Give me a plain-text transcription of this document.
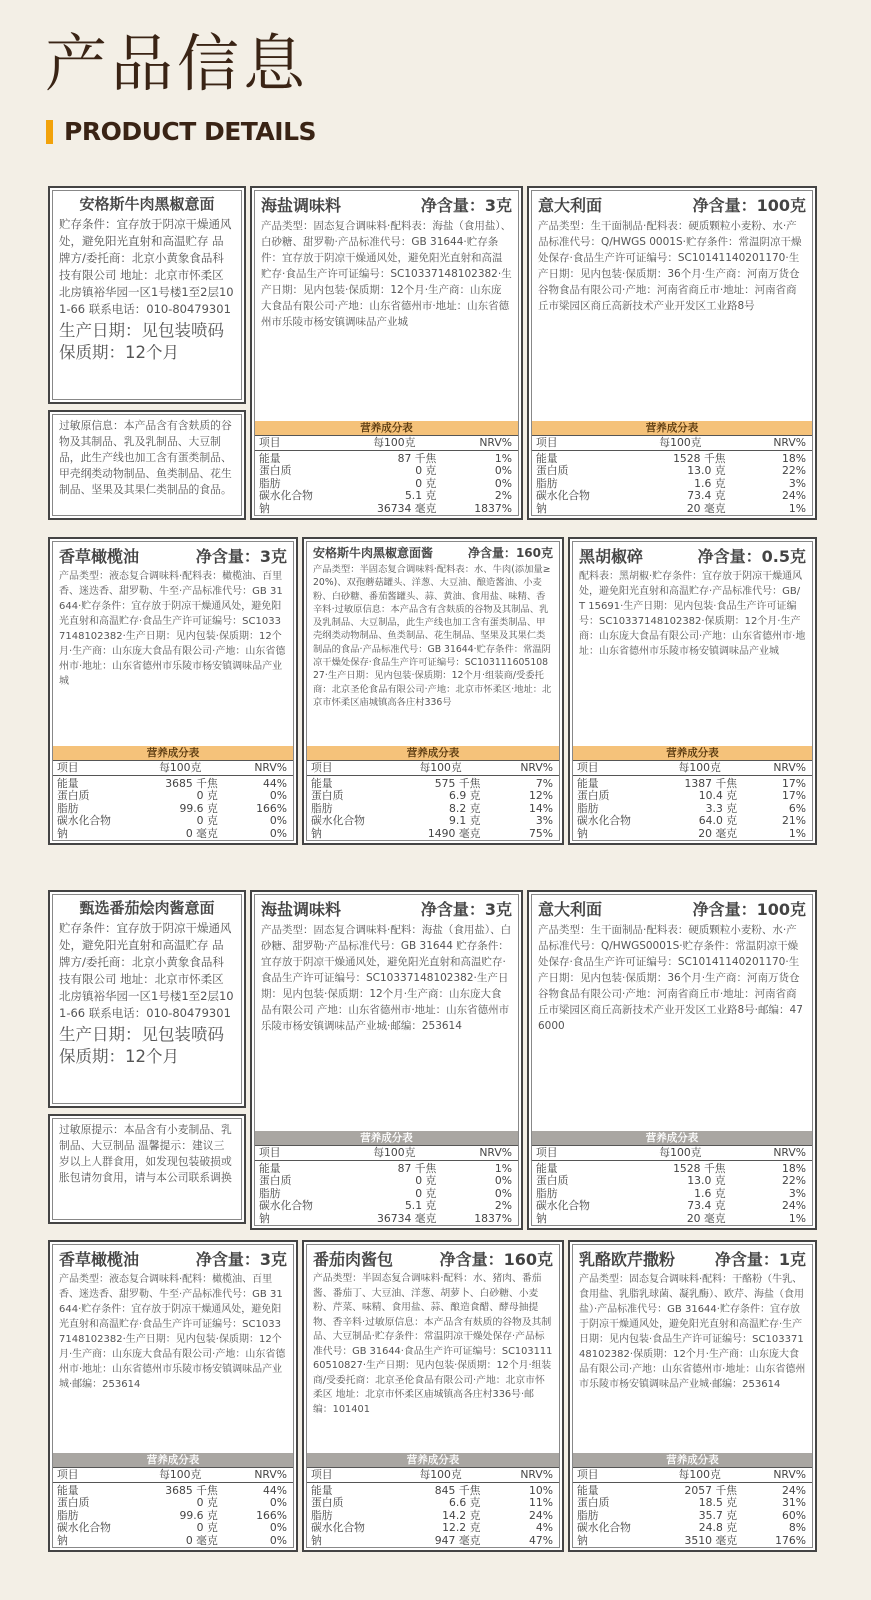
产品信息
PRODUCT DETAILS
安格斯牛肉黑椒意面
贮存条件：宜存放于阴凉干燥通风处，避免阳光直射和高温贮存 品牌方/委托商：北京小黄象食品科技有限公司 地址：北京市怀柔区北房镇裕华园一区1号楼1至2层101-66 联系电话：010-80479301
生产日期：见包装喷码
保质期：12个月
过敏原信息：本产品含有含麸质的谷物及其制品、乳及乳制品、大豆制品，此生产线也加工含有蛋类制品、甲壳纲类动物制品、鱼类制品、花生制品、坚果及其果仁类制品的食品。
海盐调味料	净含量：3克
产品类型：固态复合调味料·配料表：海盐（食用盐）、白砂糖、甜罗勒·产品标准代号：GB 31644·贮存条件：宜存放于阴凉干燥通风处，避免阳光直射和高温贮存·食品生产许可证编号：SC10337148102382·生产日期：见内包装·保质期：12个月·生产商：山东庞大食品有限公司·产地：山东省德州市·地址：山东省德州市乐陵市杨安镇调味品产业城
营养成分表
项目	每100克	NRV%
能量	87 千焦	1%
蛋白质	0 克	0%
脂肪	0 克	0%
碳水化合物	5.1 克	2%
钠	36734 毫克	1837%
意大利面	净含量：100克
产品类型：生干面制品·配料表：硬质颗粒小麦粉、水·产品标准代号：Q/HWGS 0001S·贮存条件：常温阴凉干燥处保存·食品生产许可证编号：SC10141140201170·生产日期：见内包装·保质期：36个月·生产商：河南万货仓谷物食品有限公司·产地：河南省商丘市·地址：河南省商丘市梁园区商丘高新技术产业开发区工业路8号
营养成分表
项目	每100克	NRV%
能量	1528 千焦	18%
蛋白质	13.0 克	22%
脂肪	1.6 克	3%
碳水化合物	73.4 克	24%
钠	20 毫克	1%
香草橄榄油	净含量：3克
产品类型：液态复合调味料·配料表：橄榄油、百里香、迷迭香、甜罗勒、牛至·产品标准代号：GB 31644·贮存条件：宜存放于阴凉干燥通风处，避免阳光直射和高温贮存·食品生产许可证编号：SC10337148102382·生产日期：见内包装·保质期：12个月·生产商：山东庞大食品有限公司·产地：山东省德州市·地址：山东省德州市乐陵市杨安镇调味品产业城
营养成分表
项目	每100克	NRV%
能量	3685 千焦	44%
蛋白质	0 克	0%
脂肪	99.6 克	166%
碳水化合物	0 克	0%
钠	0 毫克	0%
安格斯牛肉黑椒意面酱	净含量：160克
产品类型：半固态复合调味料·配料表：水、牛肉(添加量≥20%)、双孢蘑菇罐头、洋葱、大豆油、酿造酱油、小麦粉、白砂糖、番茄酱罐头、蒜、黄油、食用盐、味精、香辛料·过敏原信息：本产品含有含麸质的谷物及其制品、乳及乳制品、大豆制品，此生产线也加工含有蛋类制品、甲壳纲类动物制品、鱼类制品、花生制品、坚果及其果仁类制品的食品·产品标准代号：GB 31644·贮存条件：常温阴凉干燥处保存·食品生产许可证编号：SC10311160510827·生产日期：见内包装·保质期：12个月·组装商/受委托商：北京圣伦食品有限公司·产地：北京市怀柔区·地址：北京市怀柔区庙城镇高各庄村336号
营养成分表
项目	每100克	NRV%
能量	575 千焦	7%
蛋白质	6.9 克	12%
脂肪	8.2 克	14%
碳水化合物	9.1 克	3%
钠	1490 毫克	75%
黑胡椒碎	净含量：0.5克
配料表：黑胡椒·贮存条件：宜存放于阴凉干燥通风处，避免阳光直射和高温贮存·产品标准代号：GB/T 15691·生产日期：见内包装·食品生产许可证编号：SC10337148102382·保质期：12个月·生产商：山东庞大食品有限公司·产地：山东省德州市·地址：山东省德州市乐陵市杨安镇调味品产业城
营养成分表
项目	每100克	NRV%
能量	1387 千焦	17%
蛋白质	10.4 克	17%
脂肪	3.3 克	6%
碳水化合物	64.0 克	21%
钠	20 毫克	1%
甄选番茄烩肉酱意面
贮存条件：宜存放于阴凉干燥通风处，避免阳光直射和高温贮存 品牌方/委托商：北京小黄象食品科技有限公司 地址：北京市怀柔区北房镇裕华园一区1号楼1至2层101-66 联系电话：010-80479301
生产日期：见包装喷码
保质期：12个月
过敏原提示：本品含有小麦制品、乳制品、大豆制品 温馨提示：建议三岁以上人群食用，如发现包装破损或胀包请勿食用，请与本公司联系调换
海盐调味料	净含量：3克
产品类型：固态复合调味料·配料：海盐（食用盐）、白砂糖、甜罗勒·产品标准代号：GB 31644 贮存条件：宜存放于阴凉干燥通风处，避免阳光直射和高温贮存·食品生产许可证编号：SC10337148102382·生产日期：见内包装·保质期：12个月·生产商：山东庞大食品有限公司 产地：山东省德州市·地址：山东省德州市乐陵市杨安镇调味品产业城·邮编：253614
营养成分表
项目	每100克	NRV%
能量	87 千焦	1%
蛋白质	0 克	0%
脂肪	0 克	0%
碳水化合物	5.1 克	2%
钠	36734 毫克	1837%
意大利面	净含量：100克
产品类型：生干面制品·配料表：硬质颗粒小麦粉、水·产品标准代号：Q/HWGS0001S·贮存条件：常温阴凉干燥处保存·食品生产许可证编号：SC10141140201170·生产日期：见内包装·保质期：36个月·生产商：河南万货仓谷物食品有限公司·产地：河南省商丘市·地址：河南省商丘市梁园区商丘高新技术产业开发区工业路8号·邮编：476000
营养成分表
项目	每100克	NRV%
能量	1528 千焦	18%
蛋白质	13.0 克	22%
脂肪	1.6 克	3%
碳水化合物	73.4 克	24%
钠	20 毫克	1%
香草橄榄油	净含量：3克
产品类型：液态复合调味料·配料：橄榄油、百里香、迷迭香、甜罗勒、牛至·产品标准代号：GB 31644·贮存条件：宜存放于阴凉干燥通风处，避免阳光直射和高温贮存·食品生产许可证编号：SC10337148102382·生产日期：见内包装·保质期：12个月·生产商：山东庞大食品有限公司·产地：山东省德州市·地址：山东省德州市乐陵市杨安镇调味品产业城·邮编：253614
营养成分表
项目	每100克	NRV%
能量	3685 千焦	44%
蛋白质	0 克	0%
脂肪	99.6 克	166%
碳水化合物	0 克	0%
钠	0 毫克	0%
番茄肉酱包	净含量：160克
产品类型：半固态复合调味料·配料：水、猪肉、番茄酱、番茄丁、大豆油、洋葱、胡萝卜、白砂糖、小麦粉、芹菜、味精、食用盐、蒜、酿造食醋、酵母抽提物、香辛料·过敏原信息：本产品含有麸质的谷物及其制品、大豆制品·贮存条件：常温阴凉干燥处保存·产品标准代号：GB 31644·食品生产许可证编号：SC10311160510827·生产日期：见内包装·保质期：12个月·组装商/受委托商：北京圣伦食品有限公司·产地：北京市怀柔区 地址：北京市怀柔区庙城镇高各庄村336号·邮编：101401
营养成分表
项目	每100克	NRV%
能量	845 千焦	10%
蛋白质	6.6 克	11%
脂肪	14.2 克	24%
碳水化合物	12.2 克	4%
钠	947 毫克	47%
乳酪欧芹撒粉 净含量：1克
产品类型：固态复合调味料·配料：干酪粉（牛乳、食用盐、乳脂乳球菌、凝乳酶）、欧芹、海盐（食用盐）·产品标准代号：GB 31644·贮存条件：宜存放于阴凉干燥通风处，避免阳光直射和高温贮存·生产日期：见内包装·食品生产许可证编号：SC10337148102382·保质期：12个月·生产商：山东庞大食品有限公司·产地：山东省德州市·地址：山东省德州市乐陵市杨安镇调味品产业城·邮编：253614
营养成分表
项目	每100克	NRV%
能量	2057 千焦	24%
蛋白质	18.5 克	31%
脂肪	35.7 克	60%
碳水化合物	24.8 克	8%
钠	3510 毫克	176%
